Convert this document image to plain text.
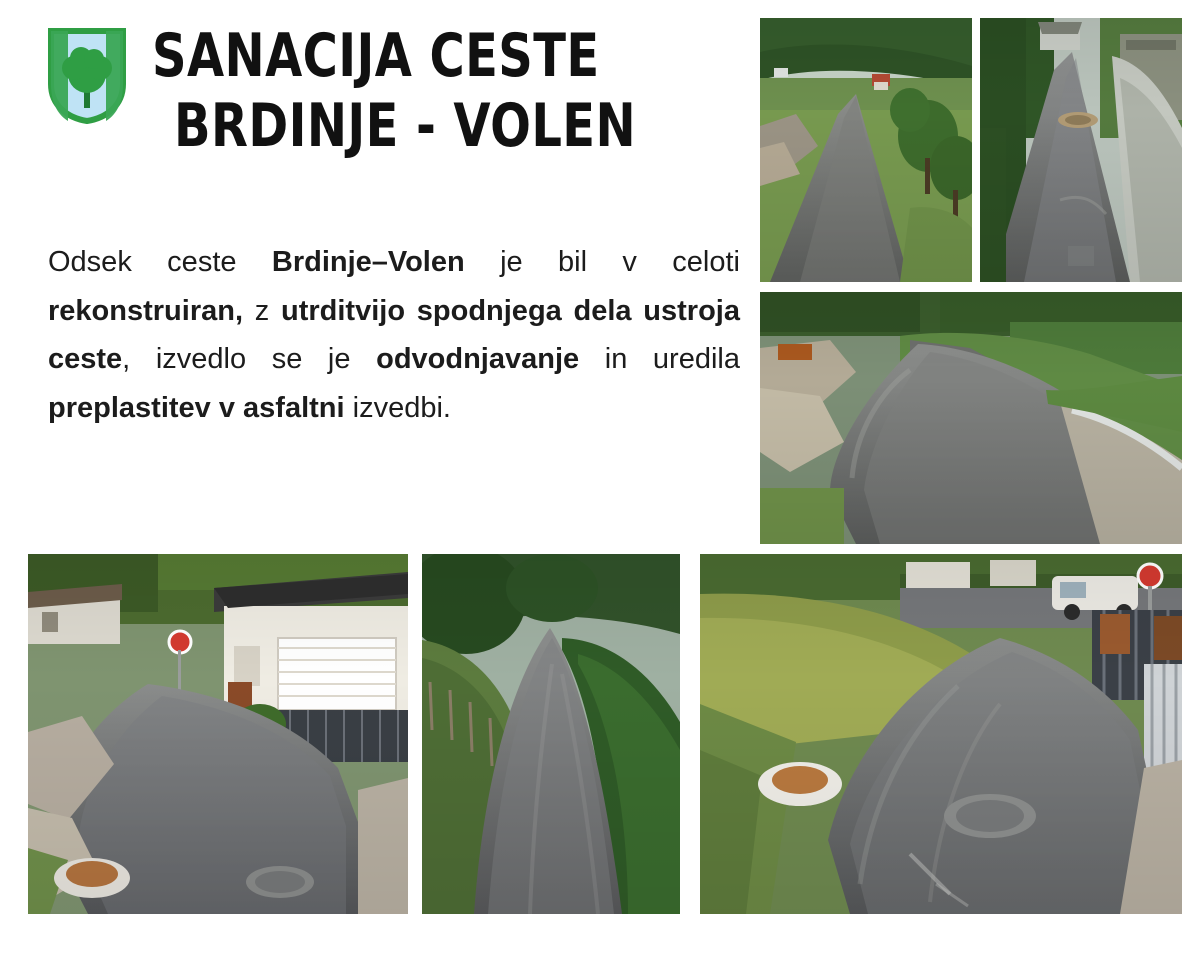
SANACIJA CESTE
BRDINJE - VOLEN
Odsek ceste Brdinje–Volen je bil v celoti rekonstruiran, z utrditvijo spodnjega dela ustroja ceste, izvedlo se je odvodnjavanje in uredila preplastitev v asfaltni izvedbi.
